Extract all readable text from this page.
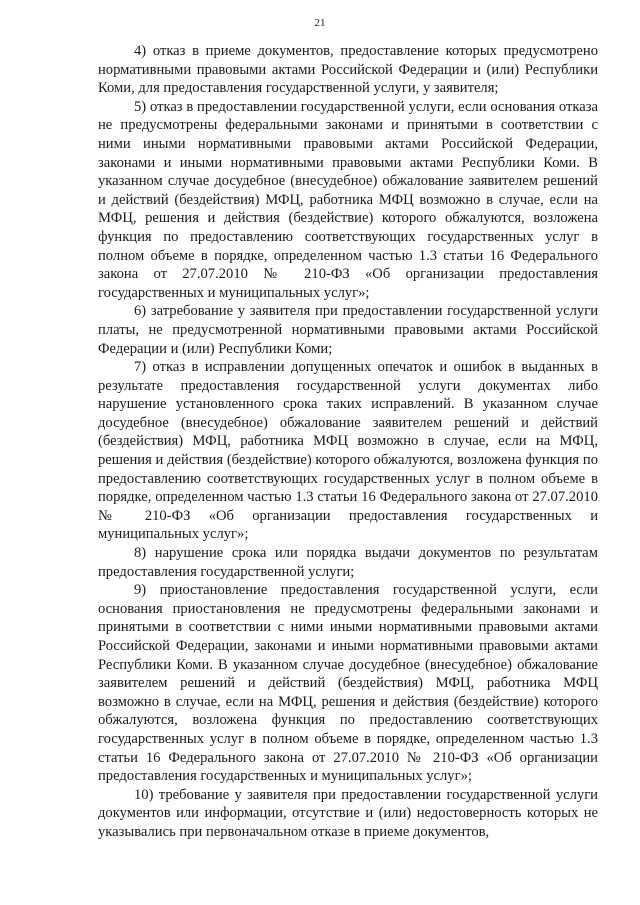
21

4) отказ в приеме документов, предоставление которых предусмотрено нормативными правовыми актами Российской Федерации и (или) Республики Коми, для предоставления государственной услуги, у заявителя;

5) отказ в предоставлении государственной услуги, если основания отказа не предусмотрены федеральными законами и принятыми в соответствии с ними иными нормативными правовыми актами Российской Федерации, законами и иными нормативными правовыми актами Республики Коми. В указанном случае досудебное (внесудебное) обжалование заявителем решений и действий (бездействия) МФЦ, работника МФЦ возможно в случае, если на МФЦ, решения и действия (бездействие) которого обжалуются, возложена функция по предоставлению соответствующих государственных услуг в полном объеме в порядке, определенном частью 1.3 статьи 16 Федерального закона от 27.07.2010 № 210-ФЗ «Об организации предоставления государственных и муниципальных услуг»;

6) затребование у заявителя при предоставлении государственной услуги платы, не предусмотренной нормативными правовыми актами Российской Федерации и (или) Республики Коми;

7) отказ в исправлении допущенных опечаток и ошибок в выданных в результате предоставления государственной услуги документах либо нарушение установленного срока таких исправлений. В указанном случае досудебное (внесудебное) обжалование заявителем решений и действий (бездействия) МФЦ, работника МФЦ возможно в случае, если на МФЦ, решения и действия (бездействие) которого обжалуются, возложена функция по предоставлению соответствующих государственных услуг в полном объеме в порядке, определенном частью 1.3 статьи 16 Федерального закона от 27.07.2010 № 210-ФЗ «Об организации предоставления государственных и муниципальных услуг»;

8) нарушение срока или порядка выдачи документов по результатам предоставления государственной услуги;

9) приостановление предоставления государственной услуги, если основания приостановления не предусмотрены федеральными законами и принятыми в соответствии с ними иными нормативными правовыми актами Российской Федерации, законами и иными нормативными правовыми актами Республики Коми. В указанном случае досудебное (внесудебное) обжалование заявителем решений и действий (бездействия) МФЦ, работника МФЦ возможно в случае, если на МФЦ, решения и действия (бездействие) которого обжалуются, возложена функция по предоставлению соответствующих государственных услуг в полном объеме в порядке, определенном частью 1.3 статьи 16 Федерального закона от 27.07.2010 № 210-ФЗ «Об организации предоставления государственных и муниципальных услуг»;

10) требование у заявителя при предоставлении государственной услуги документов или информации, отсутствие и (или) недостоверность которых не указывались при первоначальном отказе в приеме документов,
